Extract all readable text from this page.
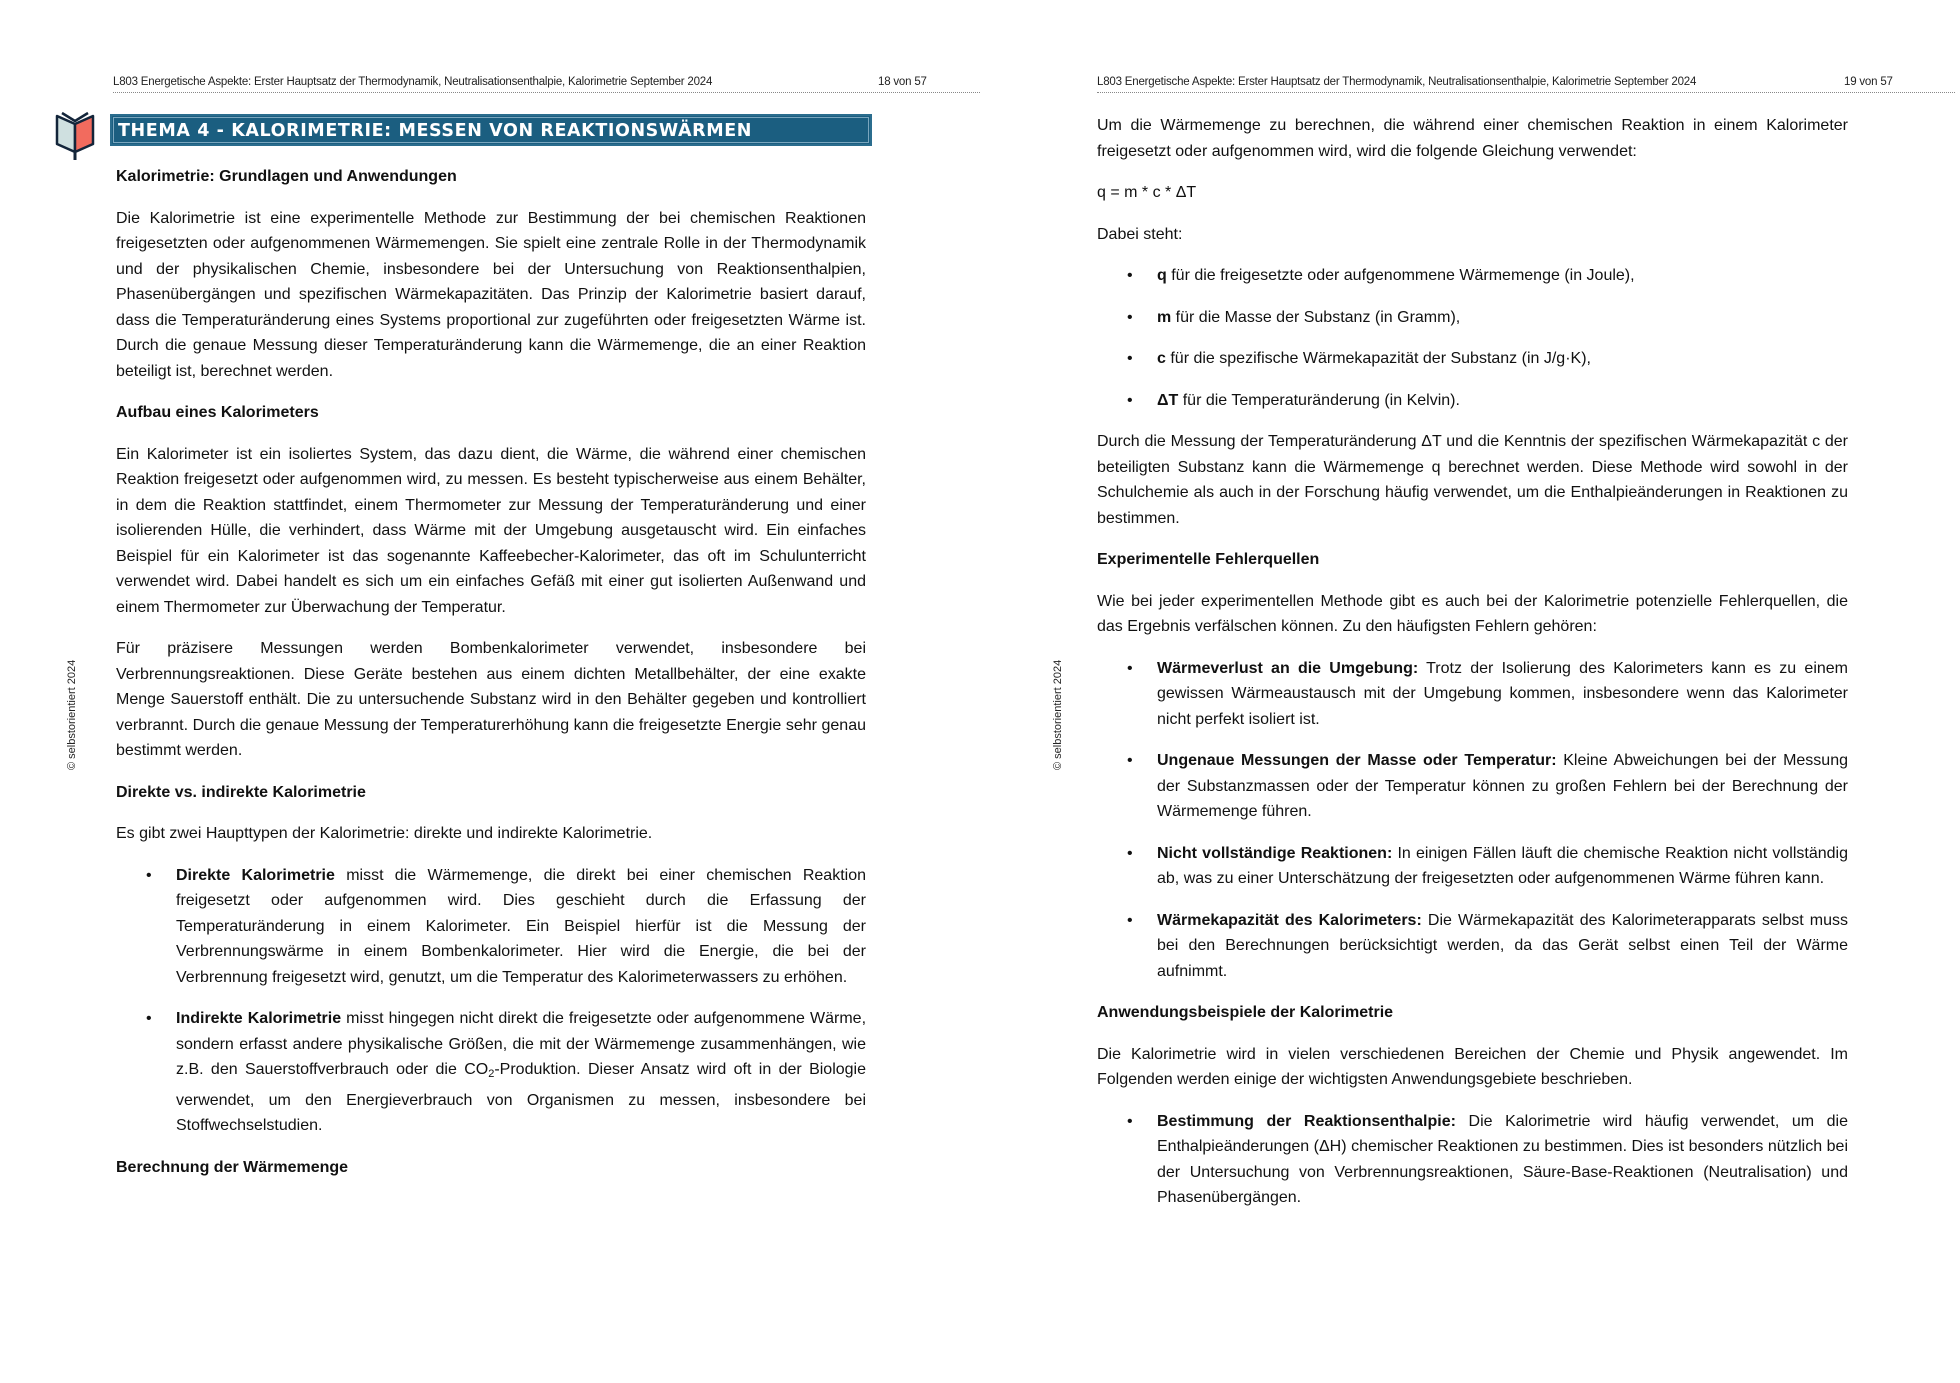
L803 Energetische Aspekte: Erster Hauptsatz der Thermodynamik, Neutralisationsenthalpie, Kalorimetrie September 2024	18 von 57
© selbstorientiert 2024
THEMA 4 - KALORIMETRIE: MESSEN VON REAKTIONSWÄRMEN
Kalorimetrie: Grundlagen und Anwendungen

Die Kalorimetrie ist eine experimentelle Methode zur Bestimmung der bei chemischen Reaktionen freigesetzten oder aufgenommenen Wärmemengen. Sie spielt eine zentrale Rolle in der Thermodynamik und der physikalischen Chemie, insbesondere bei der Untersuchung von Reaktionsenthalpien, Phasenübergängen und spezifischen Wärmekapazitäten. Das Prinzip der Kalorimetrie basiert darauf, dass die Temperaturänderung eines Systems proportional zur zugeführten oder freigesetzten Wärme ist. Durch die genaue Messung dieser Temperaturänderung kann die Wärmemenge, die an einer Reaktion beteiligt ist, berechnet werden.

Aufbau eines Kalorimeters

Ein Kalorimeter ist ein isoliertes System, das dazu dient, die Wärme, die während einer chemischen Reaktion freigesetzt oder aufgenommen wird, zu messen. Es besteht typischerweise aus einem Behälter, in dem die Reaktion stattfindet, einem Thermometer zur Messung der Temperaturänderung und einer isolierenden Hülle, die verhindert, dass Wärme mit der Umgebung ausgetauscht wird. Ein einfaches Beispiel für ein Kalorimeter ist das sogenannte Kaffeebecher-Kalorimeter, das oft im Schulunterricht verwendet wird. Dabei handelt es sich um ein einfaches Gefäß mit einer gut isolierten Außenwand und einem Thermometer zur Überwachung der Temperatur.

Für präzisere Messungen werden Bombenkalorimeter verwendet, insbesondere bei Verbrennungsreaktionen. Diese Geräte bestehen aus einem dichten Metallbehälter, der eine exakte Menge Sauerstoff enthält. Die zu untersuchende Substanz wird in den Behälter gegeben und kontrolliert verbrannt. Durch die genaue Messung der Temperaturerhöhung kann die freigesetzte Energie sehr genau bestimmt werden.

Direkte vs. indirekte Kalorimetrie

Es gibt zwei Haupttypen der Kalorimetrie: direkte und indirekte Kalorimetrie.

• Direkte Kalorimetrie misst die Wärmemenge, die direkt bei einer chemischen Reaktion freigesetzt oder aufgenommen wird. Dies geschieht durch die Erfassung der Temperaturänderung in einem Kalorimeter. Ein Beispiel hierfür ist die Messung der Verbrennungswärme in einem Bombenkalorimeter. Hier wird die Energie, die bei der Verbrennung freigesetzt wird, genutzt, um die Temperatur des Kalorimeterwassers zu erhöhen.
• Indirekte Kalorimetrie misst hingegen nicht direkt die freigesetzte oder aufgenommene Wärme, sondern erfasst andere physikalische Größen, die mit der Wärmemenge zusammenhängen, wie z.B. den Sauerstoffverbrauch oder die $CO_2$-Produktion. Dieser Ansatz wird oft in der Biologie verwendet, um den Energieverbrauch von Organismen zu messen, insbesondere bei Stoffwechselstudien.
Berechnung der Wärmemenge
L803 Energetische Aspekte: Erster Hauptsatz der Thermodynamik, Neutralisationsenthalpie, Kalorimetrie September 2024	19 von 57
© selbstorientiert 2024

Um die Wärmemenge zu berechnen, die während einer chemischen Reaktion in einem Kalorimeter freigesetzt oder aufgenommen wird, wird die folgende Gleichung verwendet:

q = m * c * ΔT

Dabei steht:

• q für die freigesetzte oder aufgenommene Wärmemenge (in Joule),
• m für die Masse der Substanz (in Gramm),
• c für die spezifische Wärmekapazität der Substanz (in J/g·K),
• ΔT für die Temperaturänderung (in Kelvin).

Durch die Messung der Temperaturänderung ΔT und die Kenntnis der spezifischen Wärmekapazität c der beteiligten Substanz kann die Wärmemenge q berechnet werden. Diese Methode wird sowohl in der Schulchemie als auch in der Forschung häufig verwendet, um die Enthalpieänderungen in Reaktionen zu bestimmen.

Experimentelle Fehlerquellen

Wie bei jeder experimentellen Methode gibt es auch bei der Kalorimetrie potenzielle Fehlerquellen, die das Ergebnis verfälschen können. Zu den häufigsten Fehlern gehören:

• Wärmeverlust an die Umgebung: Trotz der Isolierung des Kalorimeters kann es zu einem gewissen Wärmeaustausch mit der Umgebung kommen, insbesondere wenn das Kalorimeter nicht perfekt isoliert ist.
• Ungenaue Messungen der Masse oder Temperatur: Kleine Abweichungen bei der Messung der Substanzmassen oder der Temperatur können zu großen Fehlern bei der Berechnung der Wärmemenge führen.
• Nicht vollständige Reaktionen: In einigen Fällen läuft die chemische Reaktion nicht vollständig ab, was zu einer Unterschätzung der freigesetzten oder aufgenommenen Wärme führen kann.
• Wärmekapazität des Kalorimeters: Die Wärmekapazität des Kalorimeterapparats selbst muss bei den Berechnungen berücksichtigt werden, da das Gerät selbst einen Teil der Wärme aufnimmt.
Anwendungsbeispiele der Kalorimetrie

Die Kalorimetrie wird in vielen verschiedenen Bereichen der Chemie und Physik angewendet. Im Folgenden werden einige der wichtigsten Anwendungsgebiete beschrieben.

• Bestimmung der Reaktionsenthalpie: Die Kalorimetrie wird häufig verwendet, um die Enthalpieänderungen (ΔH) chemischer Reaktionen zu bestimmen. Dies ist besonders nützlich bei der Untersuchung von Verbrennungsreaktionen, Säure-Base-Reaktionen (Neutralisation) und Phasenübergängen.
